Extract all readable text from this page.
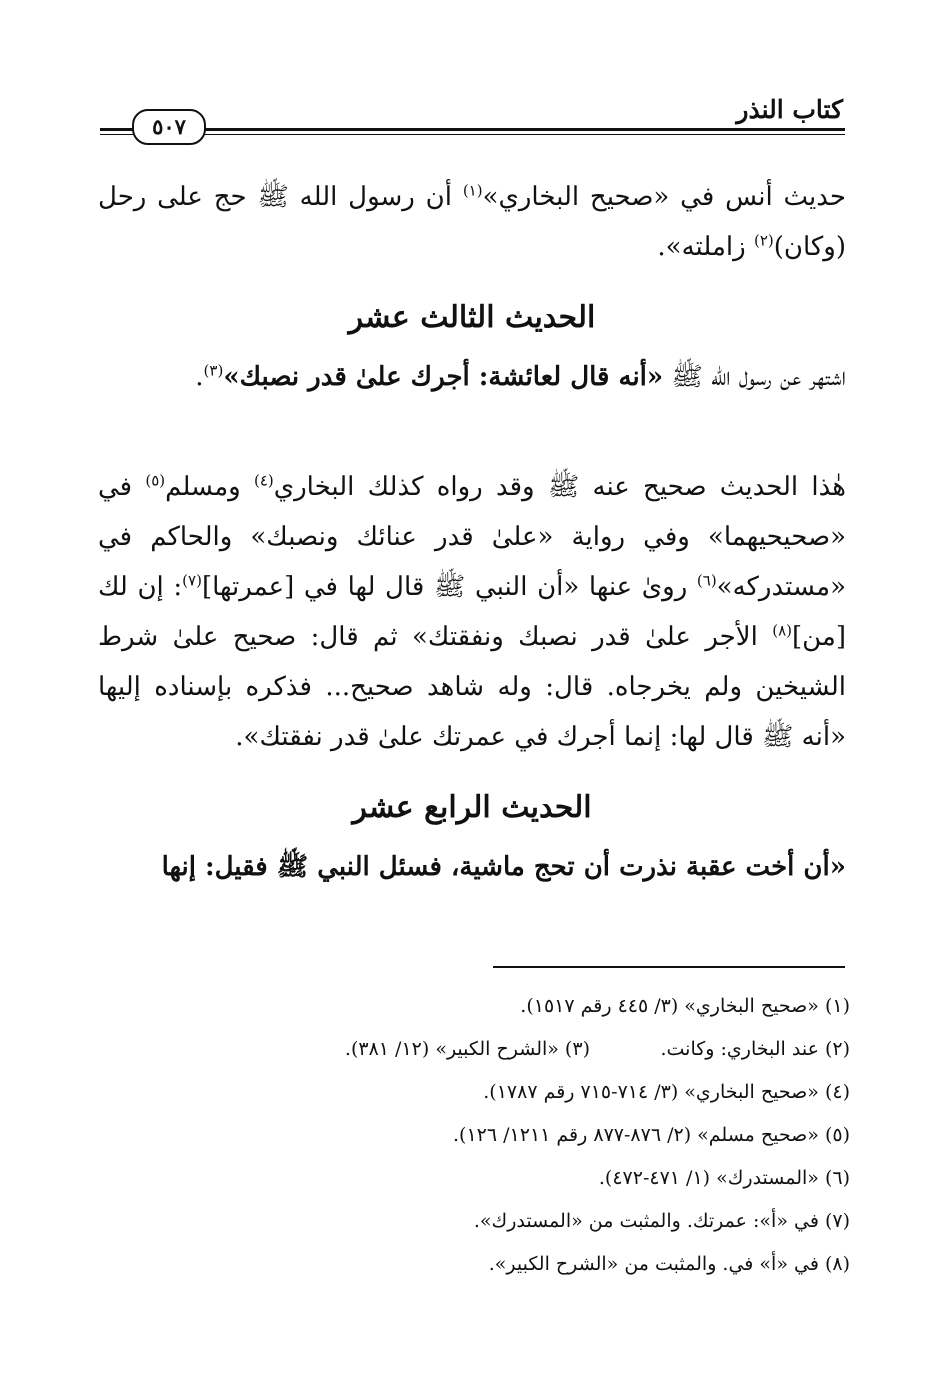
كتاب النذر
٥٠٧

حديث أنس في «صحيح البخاري»$^{(١)}$ أن رسول الله ﷺ حج على رحل (وكان)$^{(٢)}$ زاملته».

الحديث الثالث عشر

اشتهر عن رسول الله ﷺ «أنه قال لعائشة: أجرك علىٰ قدر نصبك»$^{(٣)}$.

هٰذا الحديث صحيح عنه ﷺ وقد رواه كذلك البخاري$^{(٤)}$ ومسلم$^{(٥)}$ في «صحيحيهما» وفي رواية «علىٰ قدر عنائك ونصبك» والحاكم في «مستدركه»$^{(٦)}$ رویٰ عنها «أن النبي ﷺ قال لها في [عمرتها]$^{(٧)}$: إن لك [من]$^{(٨)}$ الأجر علىٰ قدر نصبك ونفقتك» ثم قال: صحيح علىٰ شرط الشيخين ولم يخرجاه. قال: وله شاهد صحيح... فذكره بإسناده إليها «أنه ﷺ قال لها: إنما أجرك في عمرتك علىٰ قدر نفقتك».

الحديث الرابع عشر

«أن أخت عقبة نذرت أن تحج ماشية، فسئل النبي ﷺ فقيل: إنها

(١) «صحيح البخاري» (٣/ ٤٤٥ رقم ١٥١٧).
(٢) عند البخاري: وكانت.
(٣) «الشرح الكبير» (١٢/ ٣٨١).
(٤) «صحيح البخاري» (٣/ ٧١٤-٧١٥ رقم ١٧٨٧).
(٥) «صحيح مسلم» (٢/ ٨٧٦-٨٧٧ رقم ١٢١١/ ١٢٦).
(٦) «المستدرك» (١/ ٤٧١-٤٧٢).
(٧) في «أ»: عمرتك. والمثبت من «المستدرك».
(٨) في «أ» في. والمثبت من «الشرح الكبير».
